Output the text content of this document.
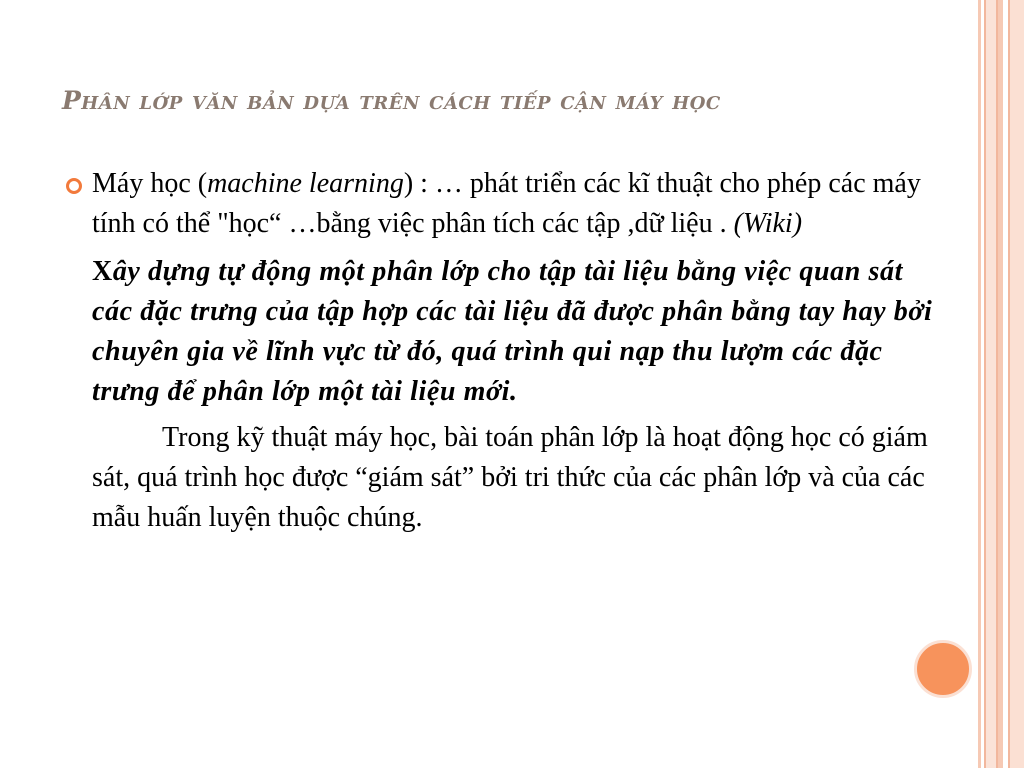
Phân lớp văn bản dựa trên cách tiếp cận máy học
Máy học (machine learning) : … phát triển các kĩ thuật cho phép các máy tính có thể "học“ …bằng việc phân tích các tập ,dữ liệu . (Wiki)
Xây dựng tự động một phân lớp cho tập tài liệu bằng việc quan sát các đặc trưng của tập hợp các tài liệu đã được phân bằng tay hay bởi chuyên gia về lĩnh vực từ đó, quá trình qui nạp thu lượm các đặc trưng để phân lớp một tài liệu mới.
Trong kỹ thuật máy học, bài toán phân lớp là hoạt động học có giám sát, quá trình học được “giám sát” bởi tri thức của các phân lớp và của các mẫu huấn luyện thuộc chúng.
